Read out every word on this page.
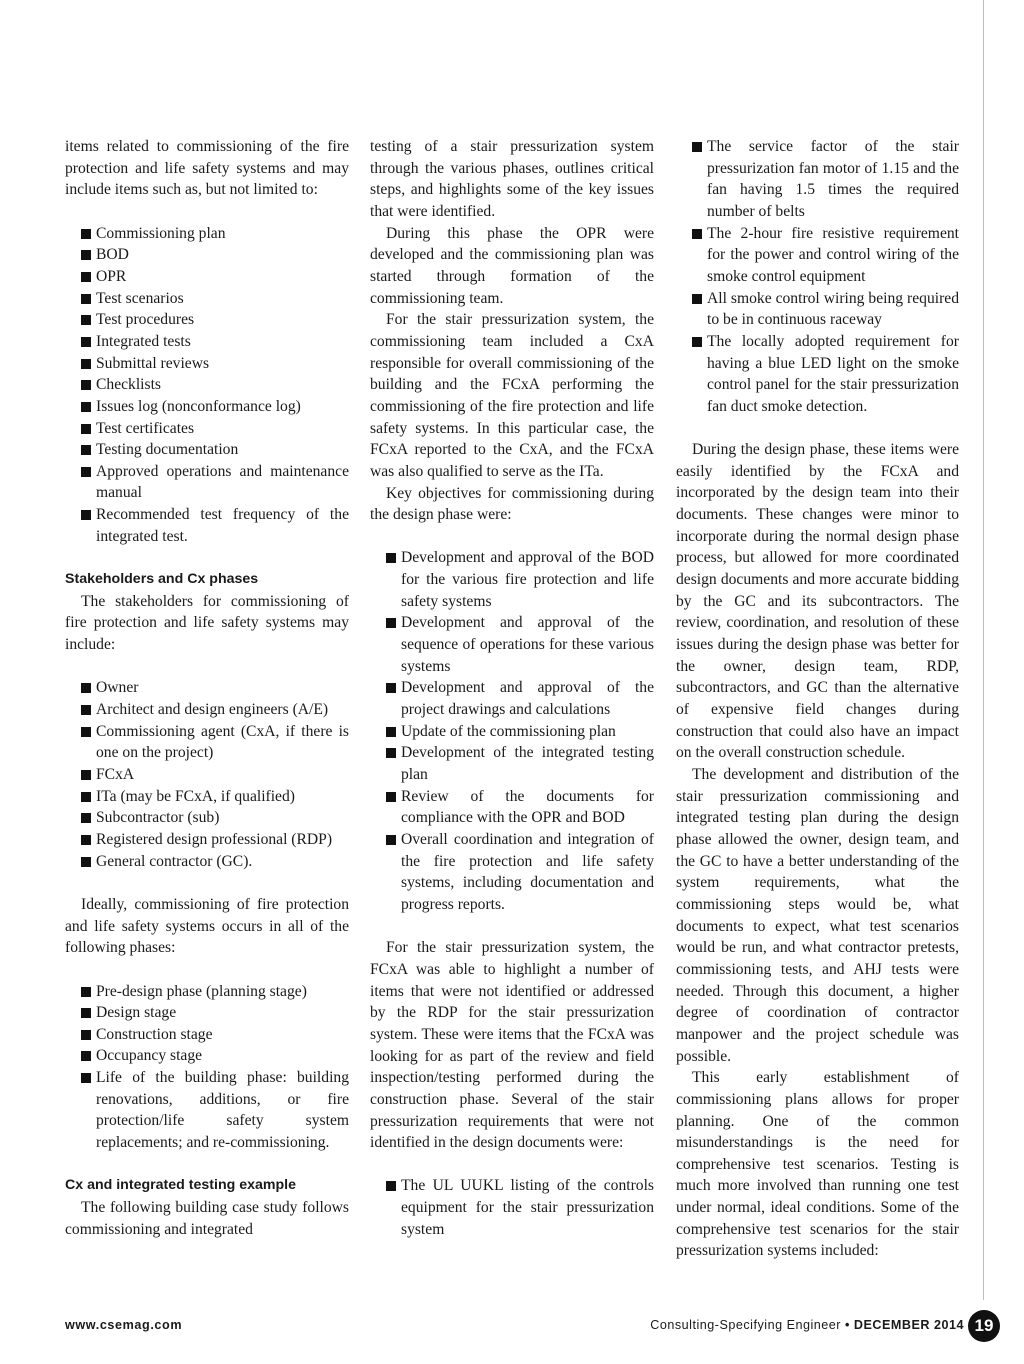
items related to commissioning of the fire protection and life safety systems and may include items such as, but not limited to:

Commissioning plan
BOD
OPR
Test scenarios
Test procedures
Integrated tests
Submittal reviews
Checklists
Issues log (nonconformance log)
Test certificates
Testing documentation
Approved operations and maintenance manual
Recommended test frequency of the integrated test.
Stakeholders and Cx phases

The stakeholders for commissioning of fire protection and life safety systems may include:

Owner
Architect and design engineers (A/E)
Commissioning agent (CxA, if there is one on the project)
FCxA
ITa (may be FCxA, if qualified)
Subcontractor (sub)
Registered design professional (RDP)
General contractor (GC).

Ideally, commissioning of fire protection and life safety systems occurs in all of the following phases:

Pre-design phase (planning stage)
Design stage
Construction stage
Occupancy stage
Life of the building phase: building renovations, additions, or fire protection/life safety system replacements; and re-commissioning.
Cx and integrated testing example

The following building case study follows commissioning and integrated

testing of a stair pressurization system through the various phases, outlines critical steps, and highlights some of the key issues that were identified.

During this phase the OPR were developed and the commissioning plan was started through formation of the commissioning team.

For the stair pressurization system, the commissioning team included a CxA responsible for overall commissioning of the building and the FCxA performing the commissioning of the fire protection and life safety systems. In this particular case, the FCxA reported to the CxA, and the FCxA was also qualified to serve as the ITa.

Key objectives for commissioning during the design phase were:

Development and approval of the BOD for the various fire protection and life safety systems
Development and approval of the sequence of operations for these various systems
Development and approval of the project drawings and calculations
Update of the commissioning plan
Development of the integrated testing plan
Review of the documents for compliance with the OPR and BOD
Overall coordination and integration of the fire protection and life safety systems, including documentation and progress reports.

For the stair pressurization system, the FCxA was able to highlight a number of items that were not identified or addressed by the RDP for the stair pressurization system. These were items that the FCxA was looking for as part of the review and field inspection/testing performed during the construction phase. Several of the stair pressurization requirements that were not identified in the design documents were:

The UL UUKL listing of the controls equipment for the stair pressurization system
The service factor of the stair pressurization fan motor of 1.15 and the fan having 1.5 times the required number of belts
The 2-hour fire resistive requirement for the power and control wiring of the smoke control equipment
All smoke control wiring being required to be in continuous raceway
The locally adopted requirement for having a blue LED light on the smoke control panel for the stair pressurization fan duct smoke detection.

During the design phase, these items were easily identified by the FCxA and incorporated by the design team into their documents. These changes were minor to incorporate during the normal design phase process, but allowed for more coordinated design documents and more accurate bidding by the GC and its subcontractors. The review, coordination, and resolution of these issues during the design phase was better for the owner, design team, RDP, subcontractors, and GC than the alternative of expensive field changes during construction that could also have an impact on the overall construction schedule.

The development and distribution of the stair pressurization commissioning and integrated testing plan during the design phase allowed the owner, design team, and the GC to have a better understanding of the system requirements, what the commissioning steps would be, what documents to expect, what test scenarios would be run, and what contractor pretests, commissioning tests, and AHJ tests were needed. Through this document, a higher degree of coordination of contractor manpower and the project schedule was possible.

This early establishment of commissioning plans allows for proper planning. One of the common misunderstandings is the need for comprehensive test scenarios. Testing is much more involved than running one test under normal, ideal conditions. Some of the comprehensive test scenarios for the stair pressurization systems included:

www.csemag.com	Consulting-Specifying Engineer • DECEMBER 2014 19
